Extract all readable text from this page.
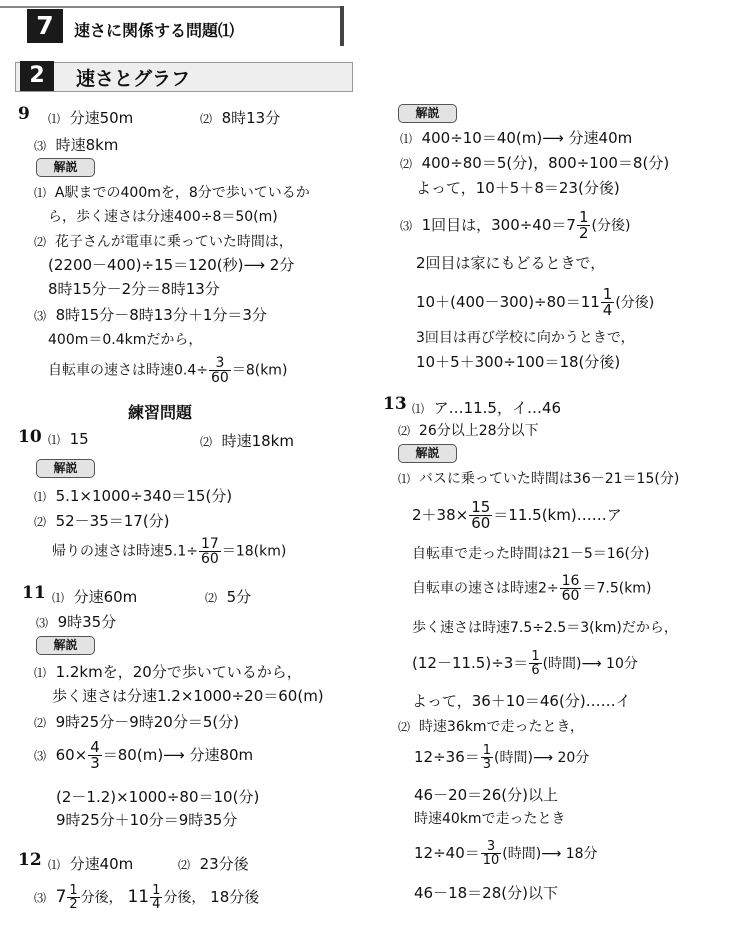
7	速さに関係する問題⑴
2	速さとグラフ
9 ⑴ 分速50m	⑵ 8時13分
⑶ 時速8km
解説
⑴ A駅までの400mを，8分で歩いているか
ら，歩く速さは分速400÷8＝50(m)
⑵ 花子さんが電車に乗っていた時間は，
(2200－400)÷15＝120(秒)⟶ 2分
8時15分－2分＝8時13分
⑶ 8時15分－8時13分＋1分＝3分
400m＝0.4kmだから，
自転車の速さは時速$0.4\div \frac{3}{60} =8(km)$
練習問題
10 ⑴ 15	⑵ 時速18km
解説
⑴ 5.1×1000÷340＝15(分)
⑵ 52－35＝17(分)
帰りの速さは時速$5.1\div \frac{17}{60} =18(km)$
11 ⑴ 分速60m	⑵ 5分
⑶ 9時35分
解説
⑴ 1.2kmを，20分で歩いているから，
歩く速さは分速1.2×1000÷20＝60(m)
⑵ 9時25分－9時20分＝5(分)
⑶ $60\times \frac{4}{3}$ ＝80(m)⟶ 分速80m
(2－1.2)×1000÷80＝10(分)
9時25分＋10分＝9時35分
12 ⑴ 分速40m	⑵ 23分後
⑶ $7 \frac{1}{2}$ 分後， $11 \frac{1}{4}$ 分後， 18分後
解説
⑴ 400÷10＝40(m)⟶ 分速40m
⑵ 400÷80＝5(分)，800÷100＝8(分)
よって，10＋5＋8＝23(分後)
⑶ 1回目は，$300\div 40=7 \frac{1}{2}$ (分後)
2回目は家にもどるときで，
$10+(400-300)\div 80=11 \frac{1}{4}$ (分後)
3回目は再び学校に向かうときで，
10＋5＋300÷100＝18(分後)
13 ⑴ ア…11.5，イ…46
⑵ 26分以上28分以下
解説
⑴ バスに乗っていた時間は36－21＝15(分)
$2+38\times \frac{15}{60}$ ＝11.5(km)……ア
自転車で走った時間は21－5＝16(分)
自転車の速さは時速$2\div \frac{16}{60} =7.5(km)$
歩く速さは時速7.5÷2.5＝3(km)だから，
$(12-11.5)\div 3= \frac{1}{6}$ (時間)⟶ 10分
よって，36＋10＝46(分)……イ
⑵ 時速36kmで走ったとき，
$12\div 36= \frac{1}{3}$ (時間)⟶ 20分
46－20＝26(分)以上
時速40kmで走ったとき
$12\div 40= \frac{3}{10}$ (時間)⟶ 18分
46－18＝28(分)以下
